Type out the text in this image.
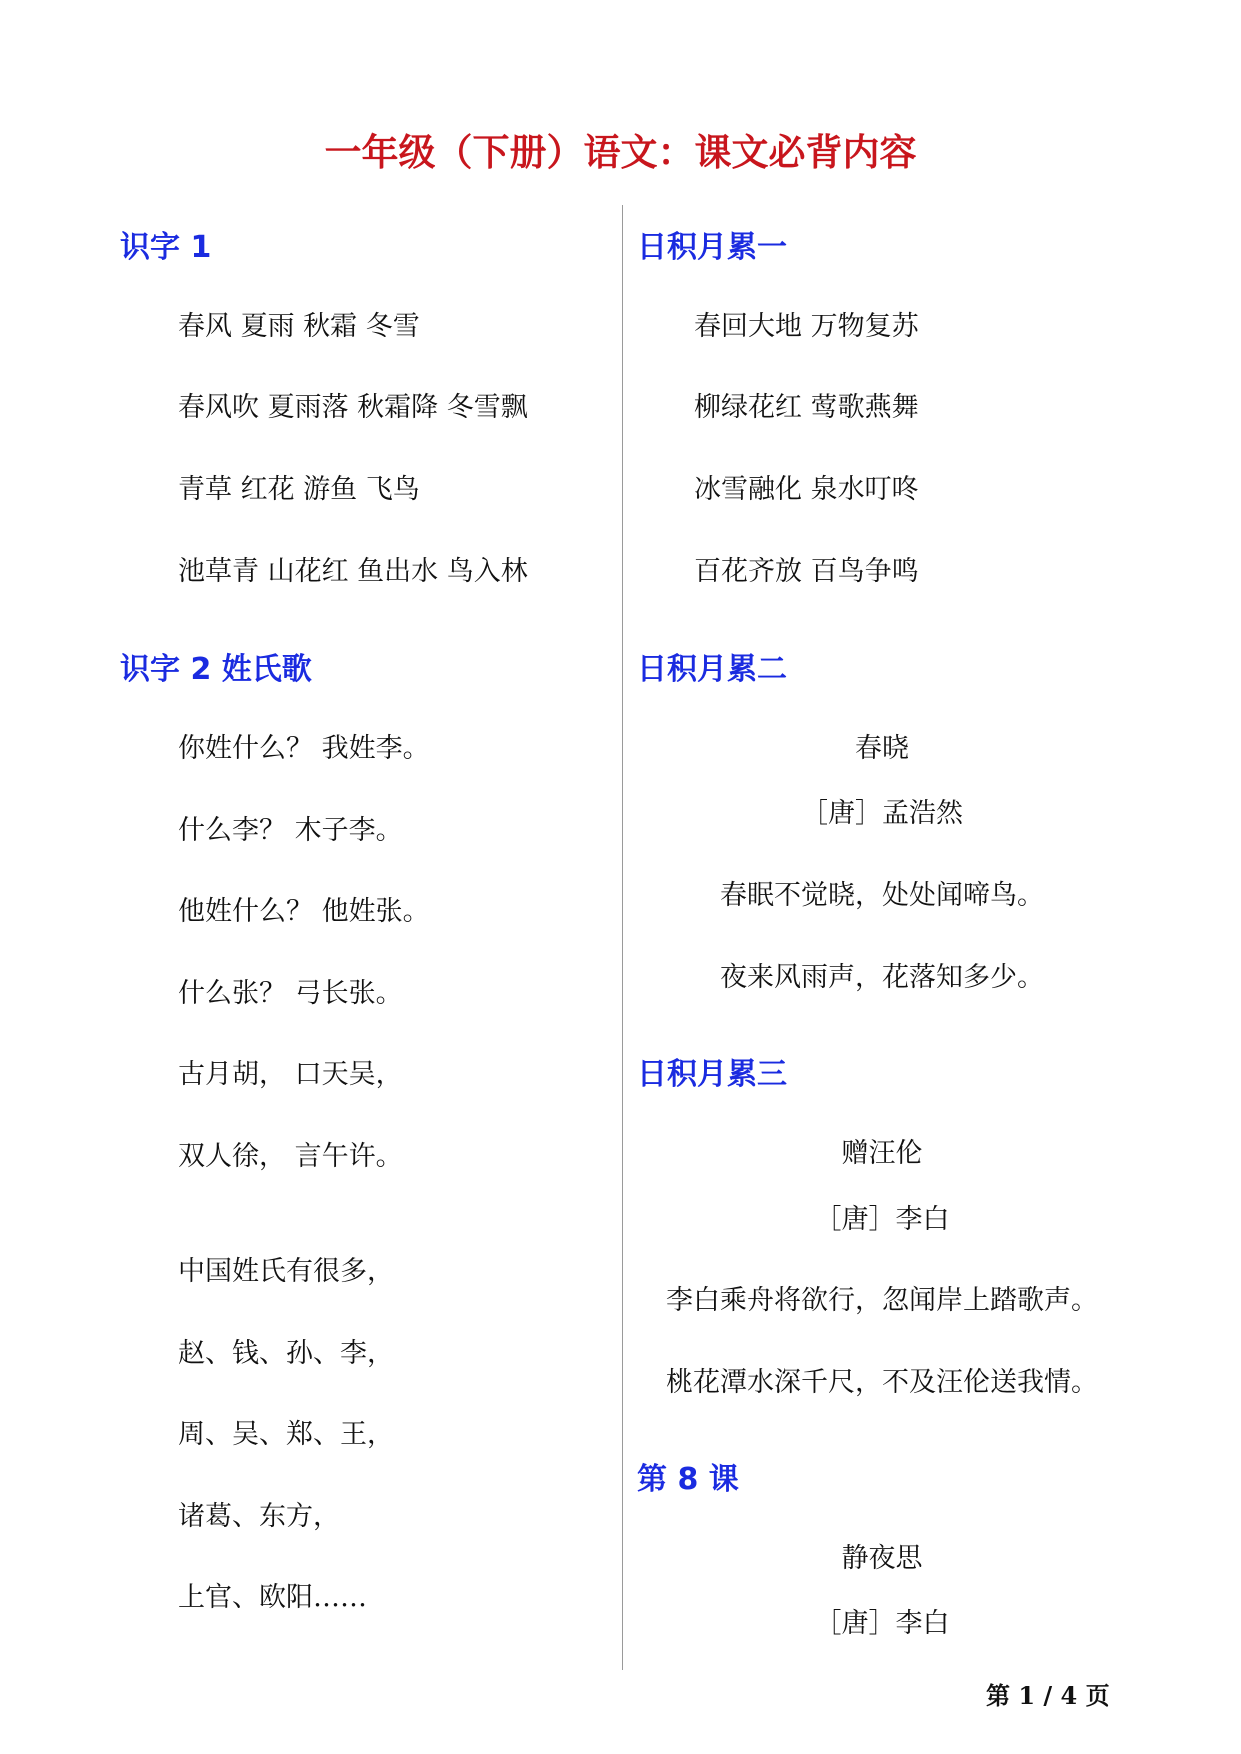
一年级（下册）语文：课文必背内容
识字 1
春风 夏雨 秋霜 冬雪
春风吹 夏雨落 秋霜降 冬雪飘
青草 红花 游鱼 飞鸟
池草青 山花红 鱼出水 鸟入林
识字 2 姓氏歌
你姓什么？ 我姓李。
什么李？ 木子李。
他姓什么？ 他姓张。
什么张？ 弓长张。
古月胡， 口天吴，
双人徐， 言午许。
中国姓氏有很多，
赵、钱、孙、李，
周、吴、郑、王，
诸葛、东方，
上官、欧阳……
日积月累一
春回大地 万物复苏
柳绿花红 莺歌燕舞
冰雪融化 泉水叮咚
百花齐放 百鸟争鸣
日积月累二
春晓
［唐］孟浩然
春眠不觉晓，处处闻啼鸟。
夜来风雨声，花落知多少。
日积月累三
赠汪伦
［唐］李白
李白乘舟将欲行，忽闻岸上踏歌声。
桃花潭水深千尺，不及汪伦送我情。
第 8 课
静夜思
［唐］李白
第 1 / 4 页
